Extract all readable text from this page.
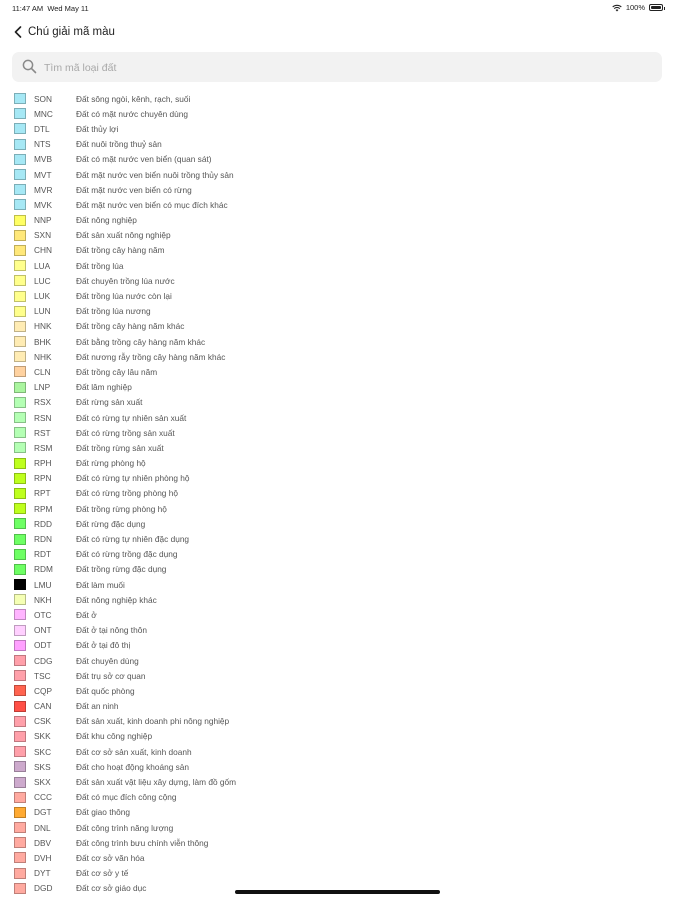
11:47 AM Wed May 11	100%
Chú giải mã màu
Tìm mã loại đất
SON	Đất sông ngòi, kênh, rạch, suối
MNC	Đất có mặt nước chuyên dùng
DTL	Đất thủy lợi
NTS	Đất nuôi trồng thuỷ sản
MVB	Đất có mặt nước ven biển (quan sát)
MVT	Đất mặt nước ven biển nuôi trồng thủy sản
MVR	Đất mặt nước ven biển có rừng
MVK	Đất mặt nước ven biển có mục đích khác
NNP	Đất nông nghiệp
SXN	Đất sản xuất nông nghiệp
CHN	Đất trồng cây hàng năm
LUA	Đất trồng lúa
LUC	Đất chuyên trồng lúa nước
LUK	Đất trồng lúa nước còn lại
LUN	Đất trồng lúa nương
HNK	Đất trồng cây hàng năm khác
BHK	Đất bằng trồng cây hàng năm khác
NHK	Đất nương rẫy trồng cây hàng năm khác
CLN	Đất trồng cây lâu năm
LNP	Đất lâm nghiệp
RSX	Đất rừng sản xuất
RSN	Đất có rừng tự nhiên sản xuất
RST	Đất có rừng trồng sản xuất
RSM	Đất trồng rừng sản xuất
RPH	Đất rừng phòng hộ
RPN	Đất có rừng tự nhiên phòng hộ
RPT	Đất có rừng trồng phòng hộ
RPM	Đất trồng rừng phòng hộ
RDD	Đất rừng đặc dụng
RDN	Đất có rừng tự nhiên đặc dụng
RDT	Đất có rừng trồng đặc dụng
RDM	Đất trồng rừng đặc dụng
LMU	Đất làm muối
NKH	Đất nông nghiệp khác
OTC	Đất ở
ONT	Đất ở tại nông thôn
ODT	Đất ở tại đô thị
CDG	Đất chuyên dùng
TSC	Đất trụ sở cơ quan
CQP	Đất quốc phòng
CAN	Đất an ninh
CSK	Đất sản xuất, kinh doanh phi nông nghiệp
SKK	Đất khu công nghiệp
SKC	Đất cơ sở sản xuất, kinh doanh
SKS	Đất cho hoạt động khoáng sản
SKX	Đất sản xuất vật liệu xây dựng, làm đồ gốm
CCC	Đất có mục đích công cộng
DGT	Đất giao thông
DNL	Đất công trình năng lượng
DBV	Đất công trình bưu chính viễn thông
DVH	Đất cơ sở văn hóa
DYT	Đất cơ sở y tế
DGD	Đất cơ sở giáo dục
